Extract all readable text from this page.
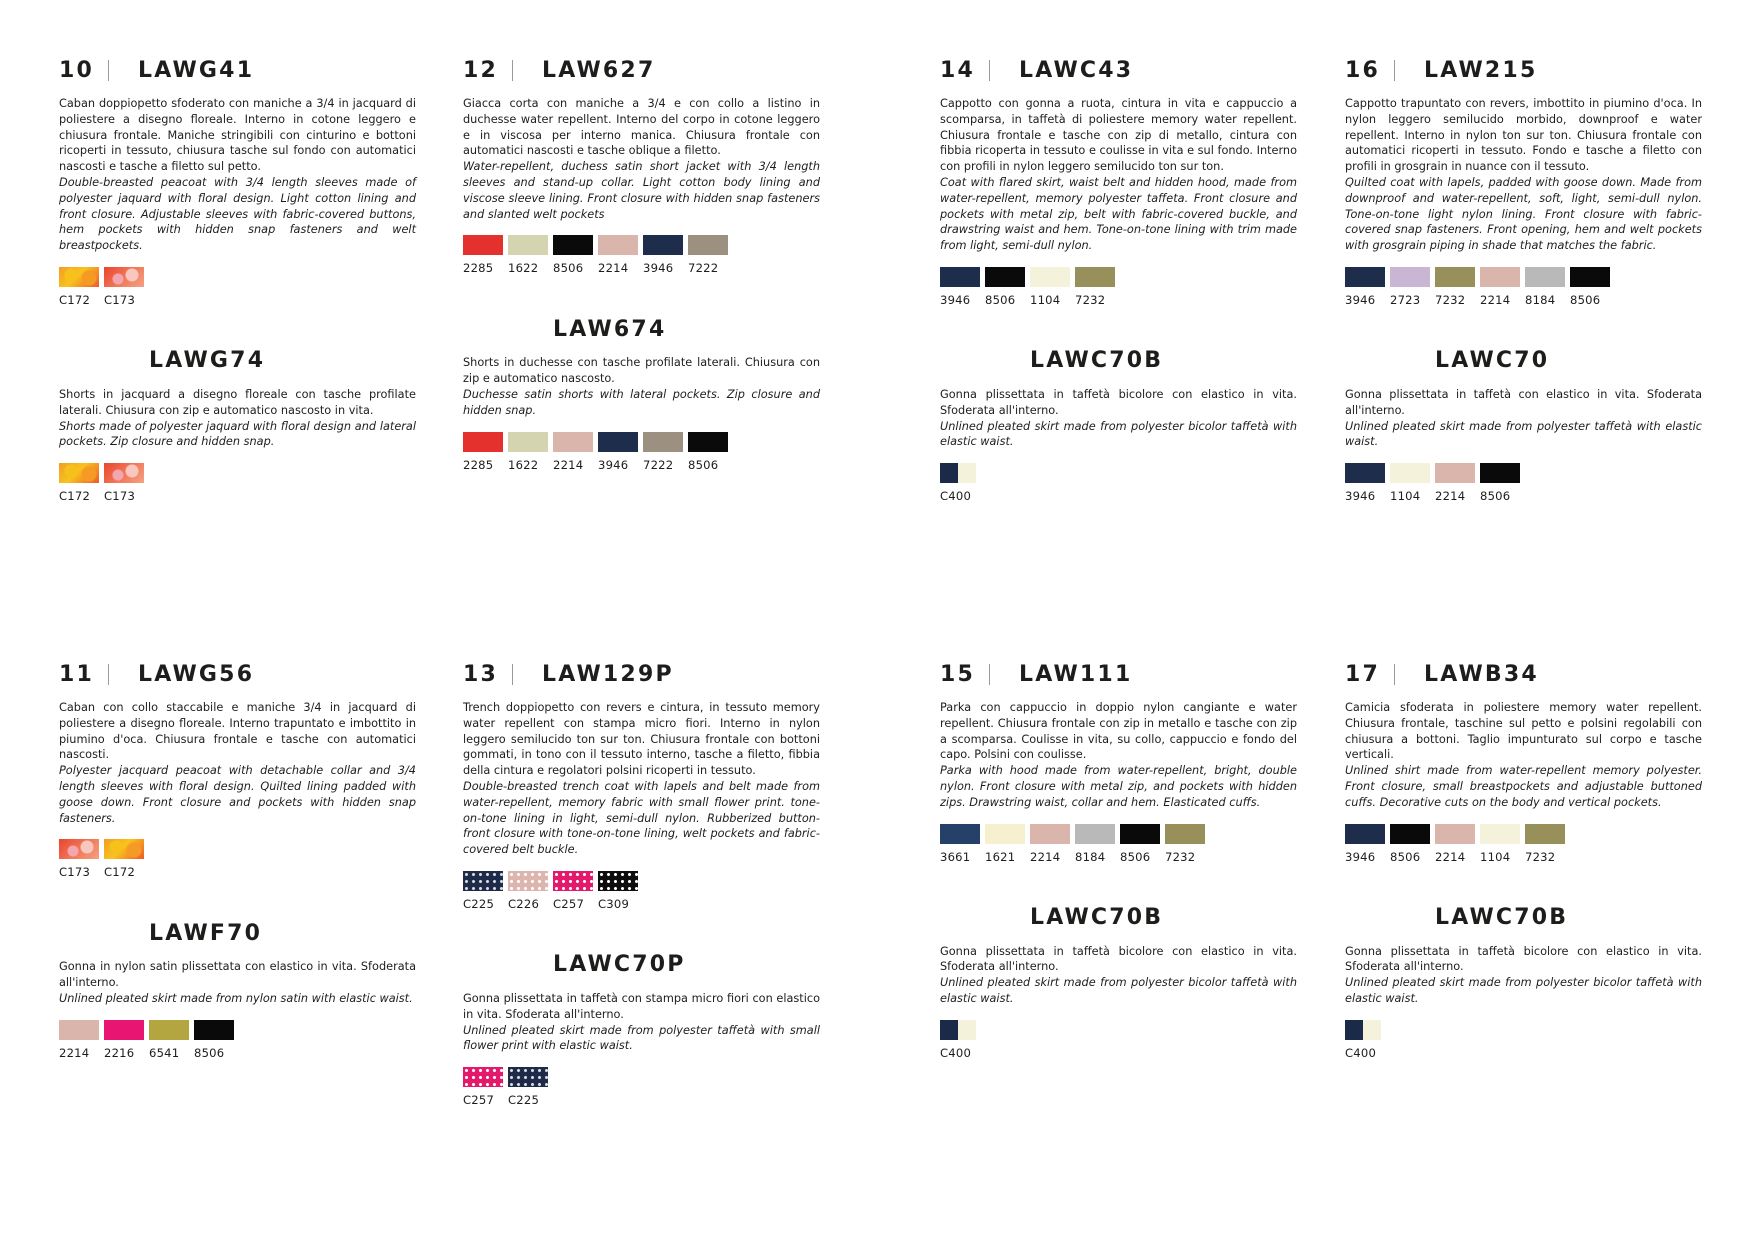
10	LAWG41
Caban doppiopetto sfoderato con maniche a 3/4 in jacquard di poliestere a disegno floreale. Interno in cotone leggero e chiusura frontale. Maniche stringibili con cinturino e bottoni ricoperti in tessuto, chiusura tasche sul fondo con automatici nascosti e tasche a filetto sul petto.
Double-breasted peacoat with 3/4 length sleeves made of polyester jaquard with floral design. Light cotton lining and front closure. Adjustable sleeves with fabric-covered buttons, hem pockets with hidden snap fasteners and welt breastpockets.
C172	C173
LAWG74
Shorts in jacquard a disegno floreale con tasche profilate laterali. Chiusura con zip e automatico nascosto in vita.
Shorts made of polyester jaquard with floral design and lateral pockets. Zip closure and hidden snap.
C172	C173
12	LAW627
Giacca corta con maniche a 3/4 e con collo a listino in duchesse water repellent. Interno del corpo in cotone leggero e in viscosa per interno manica. Chiusura frontale con automatici nascosti e tasche oblique a filetto.
Water-repellent, duchess satin short jacket with 3/4 length sleeves and stand-up collar. Light cotton body lining and viscose sleeve lining. Front closure with hidden snap fasteners and slanted welt pockets
2285	1622	8506	2214	3946	7222
LAW674
Shorts in duchesse con tasche profilate laterali. Chiusura con zip e automatico nascosto.
Duchesse satin shorts with lateral pockets. Zip closure and hidden snap.
2285	1622	2214	3946	7222	8506
14	LAWC43
Cappotto con gonna a ruota, cintura in vita e cappuccio a scomparsa, in taffetà di poliestere memory water repellent. Chiusura frontale e tasche con zip di metallo, cintura con fibbia ricoperta in tessuto e coulisse in vita e sul fondo. Interno con profili in nylon leggero semilucido ton sur ton.
Coat with flared skirt, waist belt and hidden hood, made from water-repellent, memory polyester taffeta. Front closure and pockets with metal zip, belt with fabric-covered buckle, and drawstring waist and hem. Tone-on-tone lining with trim made from light, semi-dull nylon.
3946	8506	1104	7232
LAWC70B
Gonna plissettata in taffetà bicolore con elastico in vita. Sfoderata all'interno.
Unlined pleated skirt made from polyester bicolor taffetà with elastic waist.
C400
16	LAW215
Cappotto trapuntato con revers, imbottito in piumino d'oca. In nylon leggero semilucido morbido, downproof e water repellent. Interno in nylon ton sur ton. Chiusura frontale con automatici ricoperti in tessuto. Fondo e tasche a filetto con profili in grosgrain in nuance con il tessuto.
Quilted coat with lapels, padded with goose down. Made from downproof and water-repellent, soft, light, semi-dull nylon. Tone-on-tone light nylon lining. Front closure with fabric-covered snap fasteners. Front opening, hem and welt pockets with grosgrain piping in shade that matches the fabric.
3946	2723	7232	2214	8184	8506
LAWC70
Gonna plissettata in taffetà con elastico in vita. Sfoderata all'interno.
Unlined pleated skirt made from polyester taffetà with elastic waist.
3946	1104	2214	8506
11	LAWG56
Caban con collo staccabile e maniche 3/4 in jacquard di poliestere a disegno floreale. Interno trapuntato e imbottito in piumino d'oca. Chiusura frontale e tasche con automatici nascosti.
Polyester jacquard peacoat with detachable collar and 3/4 length sleeves with floral design. Quilted lining padded with goose down. Front closure and pockets with hidden snap fasteners.
C173	C172
LAWF70
Gonna in nylon satin plissettata con elastico in vita. Sfoderata all'interno.
Unlined pleated skirt made from nylon satin with elastic waist.
2214	2216	6541	8506
13	LAW129P
Trench doppiopetto con revers e cintura, in tessuto memory water repellent con stampa micro fiori. Interno in nylon leggero semilucido ton sur ton. Chiusura frontale con bottoni gommati, in tono con il tessuto interno, tasche a filetto, fibbia della cintura e regolatori polsini ricoperti in tessuto.
Double-breasted trench coat with lapels and belt made from water-repellent, memory fabric with small flower print. tone-on-tone lining in light, semi-dull nylon. Rubberized button-front closure with tone-on-tone lining, welt pockets and fabric-covered belt buckle.
C225	C226	C257	C309
LAWC70P
Gonna plissettata in taffetà con stampa micro fiori con elastico in vita. Sfoderata all'interno.
Unlined pleated skirt made from polyester taffetà with small flower print with elastic waist.
C257	C225
15	LAW111
Parka con cappuccio in doppio nylon cangiante e water repellent. Chiusura frontale con zip in metallo e tasche con zip a scomparsa. Coulisse in vita, su collo, cappuccio e fondo del capo. Polsini con coulisse.
Parka with hood made from water-repellent, bright, double nylon. Front closure with metal zip, and pockets with hidden zips. Drawstring waist, collar and hem. Elasticated cuffs.
3661	1621	2214	8184	8506	7232
LAWC70B
Gonna plissettata in taffetà bicolore con elastico in vita. Sfoderata all'interno.
Unlined pleated skirt made from polyester bicolor taffetà with elastic waist.
C400
17	LAWB34
Camicia sfoderata in poliestere memory water repellent. Chiusura frontale, taschine sul petto e polsini regolabili con chiusura a bottoni. Taglio impunturato sul corpo e tasche verticali.
Unlined shirt made from water-repellent memory polyester. Front closure, small breastpockets and adjustable buttoned cuffs. Decorative cuts on the body and vertical pockets.
3946	8506	2214	1104	7232
LAWC70B
Gonna plissettata in taffetà bicolore con elastico in vita. Sfoderata all'interno.
Unlined pleated skirt made from polyester bicolor taffetà with elastic waist.
C400
